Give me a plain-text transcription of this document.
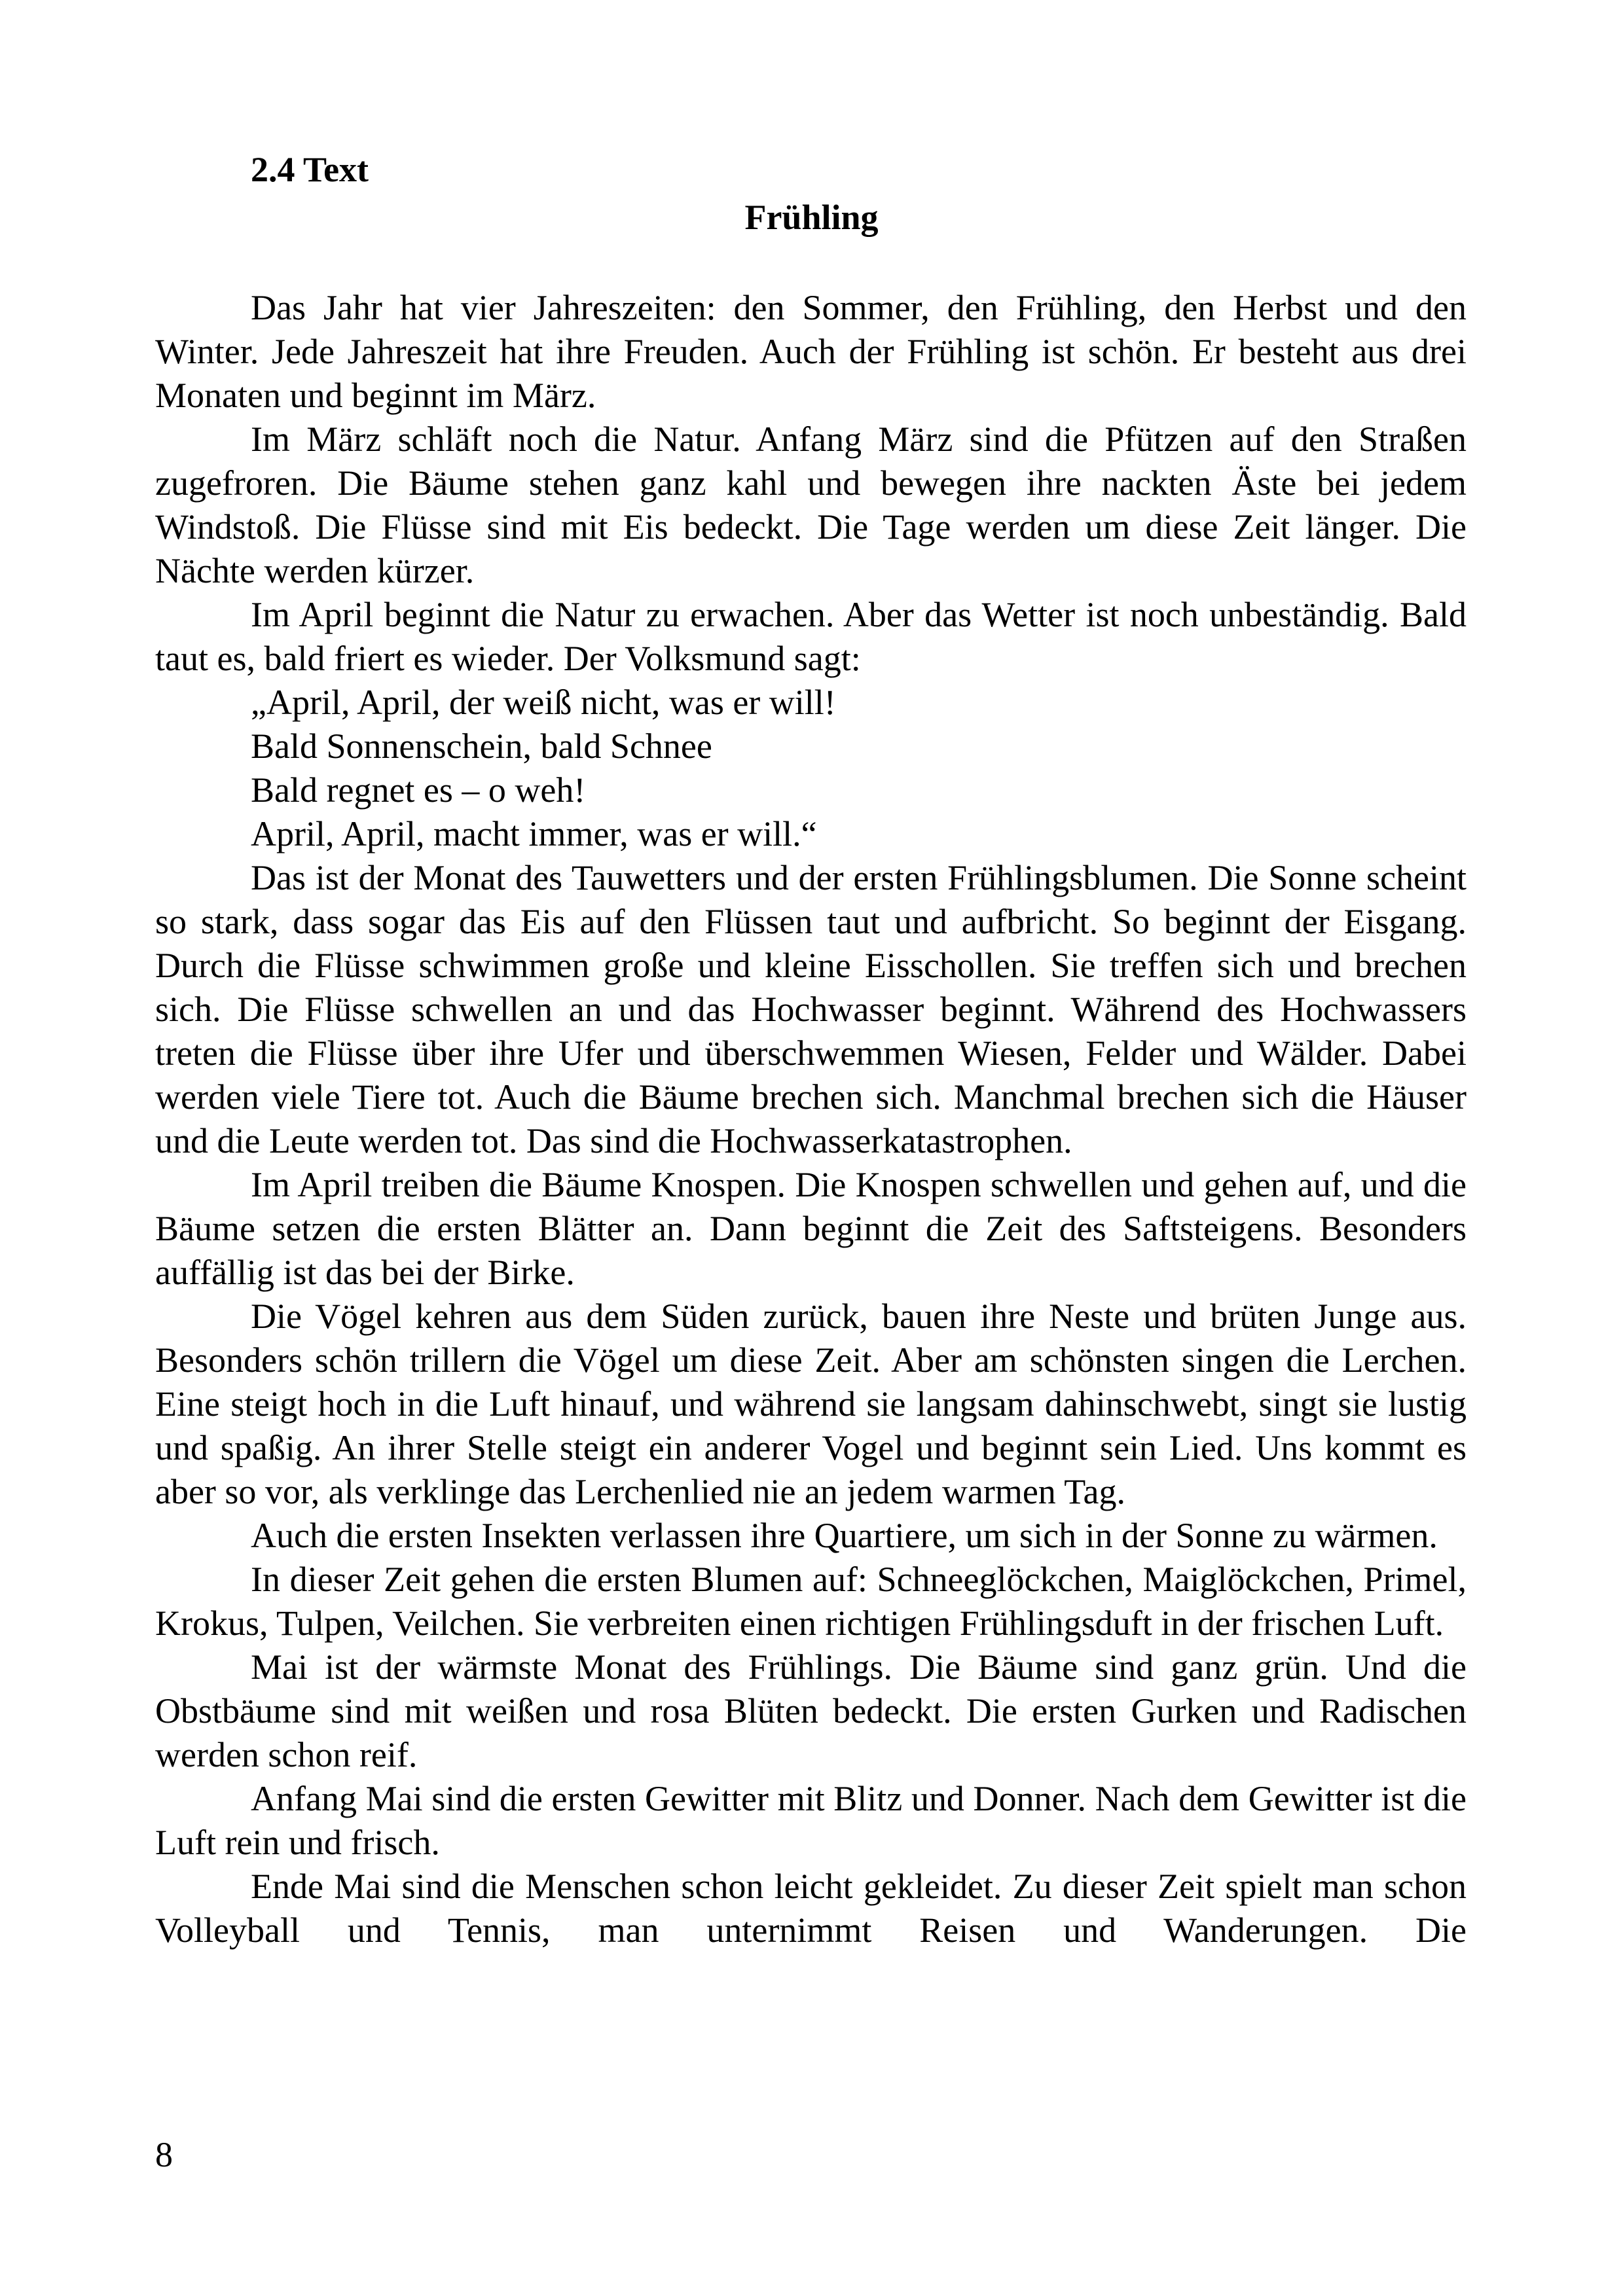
2.4 Text
Frühling

Das Jahr hat vier Jahreszeiten: den Sommer, den Frühling, den Herbst und den Winter. Jede Jahreszeit hat ihre Freuden. Auch der Frühling ist schön. Er besteht aus drei Monaten und beginnt im März.

Im März schläft noch die Natur. Anfang März sind die Pfützen auf den Straßen zugefroren. Die Bäume stehen ganz kahl und bewegen ihre nackten Äste bei jedem Windstoß. Die Flüsse sind mit Eis bedeckt. Die Tage werden um diese Zeit länger. Die Nächte werden kürzer.

Im April beginnt die Natur zu erwachen. Aber das Wetter ist noch unbeständig. Bald taut es, bald friert es wieder. Der Volksmund sagt:

„April, April, der weiß nicht, was er will!
Bald Sonnenschein, bald Schnee
Bald regnet es – o weh!
April, April, macht immer, was er will.“

Das ist der Monat des Tauwetters und der ersten Frühlingsblumen. Die Sonne scheint so stark, dass sogar das Eis auf den Flüssen taut und aufbricht. So beginnt der Eisgang. Durch die Flüsse schwimmen große und kleine Eisschollen. Sie treffen sich und brechen sich. Die Flüsse schwellen an und das Hochwasser beginnt. Während des Hochwassers treten die Flüsse über ihre Ufer und überschwemmen Wiesen, Felder und Wälder. Dabei werden viele Tiere tot. Auch die Bäume brechen sich. Manchmal brechen sich die Häuser und die Leute werden tot. Das sind die Hochwasserkatastrophen.

Im April treiben die Bäume Knospen. Die Knospen schwellen und gehen auf, und die Bäume setzen die ersten Blätter an. Dann beginnt die Zeit des Saftsteigens. Besonders auffällig ist das bei der Birke.

Die Vögel kehren aus dem Süden zurück, bauen ihre Neste und brüten Junge aus. Besonders schön trillern die Vögel um diese Zeit. Aber am schönsten singen die Lerchen. Eine steigt hoch in die Luft hinauf, und während sie langsam dahinschwebt, singt sie lustig und spaßig. An ihrer Stelle steigt ein anderer Vogel und beginnt sein Lied. Uns kommt es aber so vor, als verklinge das Lerchenlied nie an jedem warmen Tag.

Auch die ersten Insekten verlassen ihre Quartiere, um sich in der Sonne zu wärmen.

In dieser Zeit gehen die ersten Blumen auf: Schneeglöckchen, Maiglöckchen, Primel, Krokus, Tulpen, Veilchen. Sie verbreiten einen richtigen Frühlingsduft in der frischen Luft.

Mai ist der wärmste Monat des Frühlings. Die Bäume sind ganz grün. Und die Obstbäume sind mit weißen und rosa Blüten bedeckt. Die ersten Gurken und Radischen werden schon reif.

Anfang Mai sind die ersten Gewitter mit Blitz und Donner. Nach dem Gewitter ist die Luft rein und frisch.

Ende Mai sind die Menschen schon leicht gekleidet. Zu dieser Zeit spielt man schon Volleyball und Tennis, man unternimmt Reisen und Wanderungen. Die

8
